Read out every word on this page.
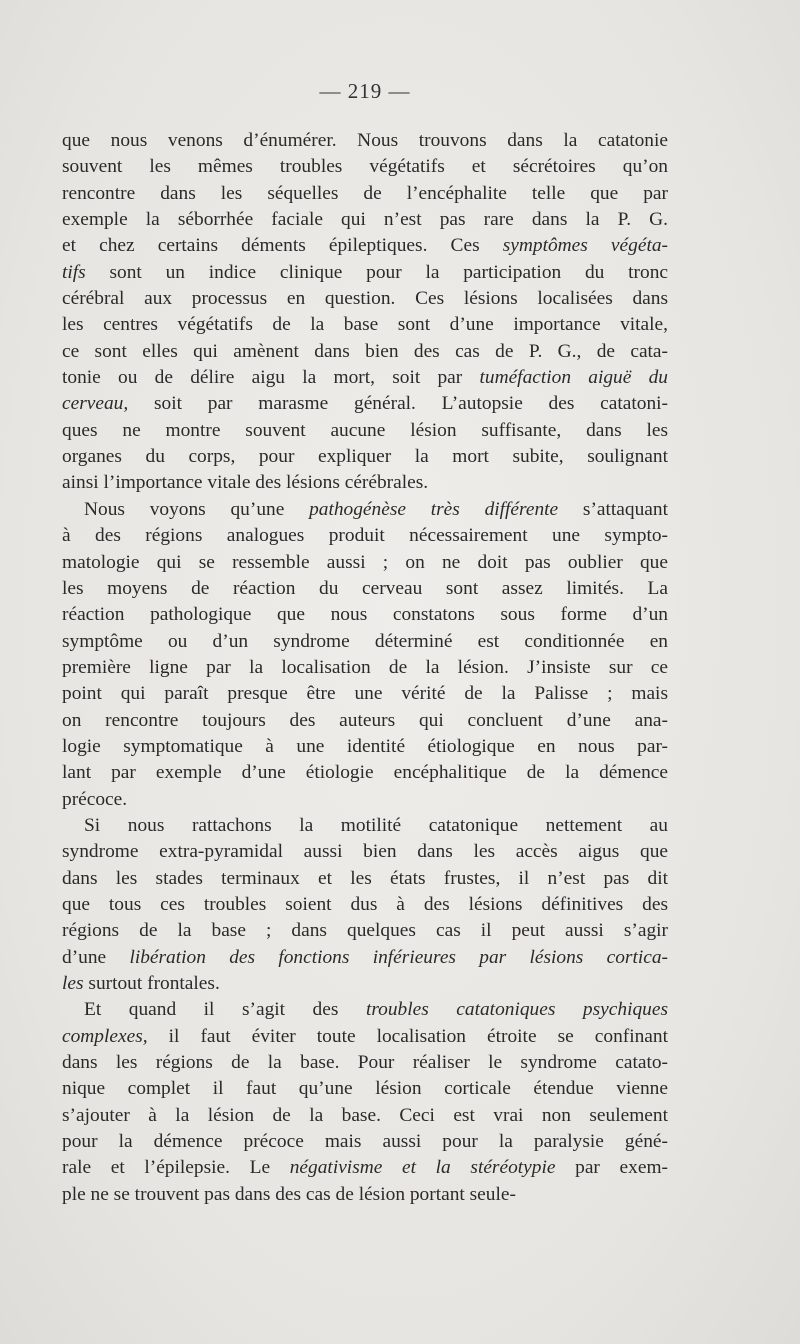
— 219 —
que nous venons d’énumérer. Nous trouvons dans la catatonie
souvent les mêmes troubles végétatifs et sécrétoires qu’on
rencontre dans les séquelles de l’encéphalite telle que par
exemple la séborrhée faciale qui n’est pas rare dans la P. G.
et chez certains déments épileptiques. Ces symptômes végéta-
tifs sont un indice clinique pour la participation du tronc
cérébral aux processus en question. Ces lésions localisées dans
les centres végétatifs de la base sont d’une importance vitale,
ce sont elles qui amènent dans bien des cas de P. G., de cata-
tonie ou de délire aigu la mort, soit par tuméfaction aiguë du
cerveau, soit par marasme général. L’autopsie des catatoni-
ques ne montre souvent aucune lésion suffisante, dans les
organes du corps, pour expliquer la mort subite, soulignant
ainsi l’importance vitale des lésions cérébrales.
Nous voyons qu’une pathogénèse très différente s’attaquant
à des régions analogues produit nécessairement une sympto-
matologie qui se ressemble aussi ; on ne doit pas oublier que
les moyens de réaction du cerveau sont assez limités. La
réaction pathologique que nous constatons sous forme d’un
symptôme ou d’un syndrome déterminé est conditionnée en
première ligne par la localisation de la lésion. J’insiste sur ce
point qui paraît presque être une vérité de la Palisse ; mais
on rencontre toujours des auteurs qui concluent d’une ana-
logie symptomatique à une identité étiologique en nous par-
lant par exemple d’une étiologie encéphalitique de la démence
précoce.
Si nous rattachons la motilité catatonique nettement au
syndrome extra-pyramidal aussi bien dans les accès aigus que
dans les stades terminaux et les états frustes, il n’est pas dit
que tous ces troubles soient dus à des lésions définitives des
régions de la base ; dans quelques cas il peut aussi s’agir
d’une libération des fonctions inférieures par lésions cortica-
les surtout frontales.
Et quand il s’agit des troubles catatoniques psychiques
complexes, il faut éviter toute localisation étroite se confinant
dans les régions de la base. Pour réaliser le syndrome catato-
nique complet il faut qu’une lésion corticale étendue vienne
s’ajouter à la lésion de la base. Ceci est vrai non seulement
pour la démence précoce mais aussi pour la paralysie géné-
rale et l’épilepsie. Le négativisme et la stéréotypie par exem-
ple ne se trouvent pas dans des cas de lésion portant seule-
